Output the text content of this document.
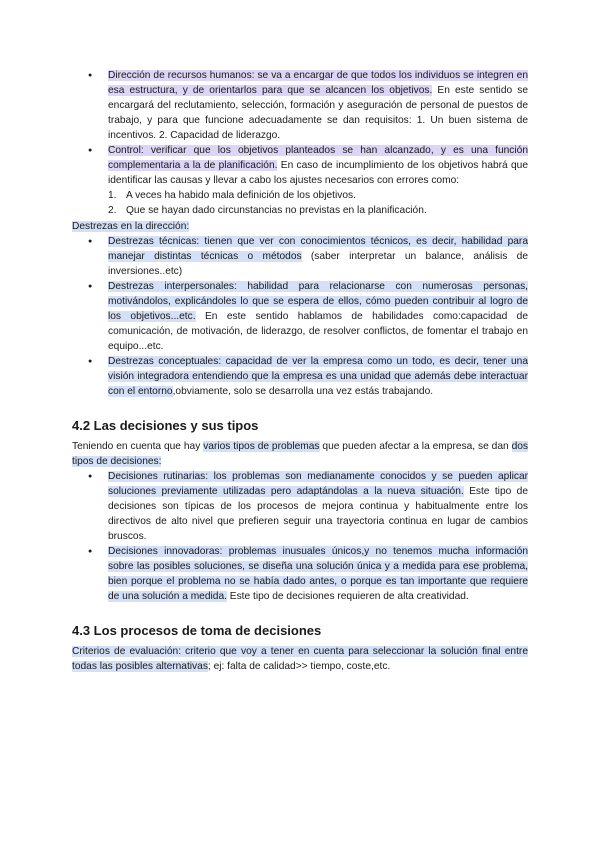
● Dirección de recursos humanos: se va a encargar de que todos los individuos se integren en esa estructura, y de orientarlos para que se alcancen los objetivos. En este sentido se encargará del reclutamiento, selección, formación y aseguración de personal de puestos de trabajo, y para que funcione adecuadamente se dan requisitos: 1. Un buen sistema de incentivos. 2. Capacidad de liderazgo.
● Control: verificar que los objetivos planteados se han alcanzado, y es una función complementaria a la de planificación. En caso de incumplimiento de los objetivos habrá que identificar las causas y llevar a cabo los ajustes necesarios con errores como:
1. A veces ha habido mala definición de los objetivos.
2. Que se hayan dado circunstancias no previstas en la planificación.

Destrezas en la dirección:

● Destrezas técnicas: tienen que ver con conocimientos técnicos, es decir, habilidad para manejar distintas técnicas o métodos (saber interpretar un balance, análisis de inversiones..etc)
● Destrezas interpersonales: habilidad para relacionarse con numerosas personas, motivándolos, explicándoles lo que se espera de ellos, cómo pueden contribuir al logro de los objetivos...etc. En este sentido hablamos de habilidades como:capacidad de comunicación, de motivación, de liderazgo, de resolver conflictos, de fomentar el trabajo en equipo...etc.
● Destrezas conceptuales: capacidad de ver la empresa como un todo, es decir, tener una visión integradora entendiendo que la empresa es una unidad que además debe interactuar con el entorno,obviamente, solo se desarrolla una vez estás trabajando.
4.2 Las decisiones y sus tipos

Teniendo en cuenta que hay varios tipos de problemas que pueden afectar a la empresa, se dan dos tipos de decisiones:

● Decisiones rutinarias: los problemas son medianamente conocidos y se pueden aplicar soluciones previamente utilizadas pero adaptándolas a la nueva situación. Este tipo de decisiones son típicas de los procesos de mejora continua y habitualmente entre los directivos de alto nivel que prefieren seguir una trayectoria continua en lugar de cambios bruscos.
● Decisiones innovadoras: problemas inusuales únicos,y no tenemos mucha información sobre las posibles soluciones, se diseña una solución única y a medida para ese problema, bien porque el problema no se había dado antes, o porque es tan importante que requiere de una solución a medida. Este tipo de decisiones requieren de alta creatividad.
4.3 Los procesos de toma de decisiones

Criterios de evaluación: criterio que voy a tener en cuenta para seleccionar la solución final entre todas las posibles alternativas; ej: falta de calidad>> tiempo, coste,etc.
